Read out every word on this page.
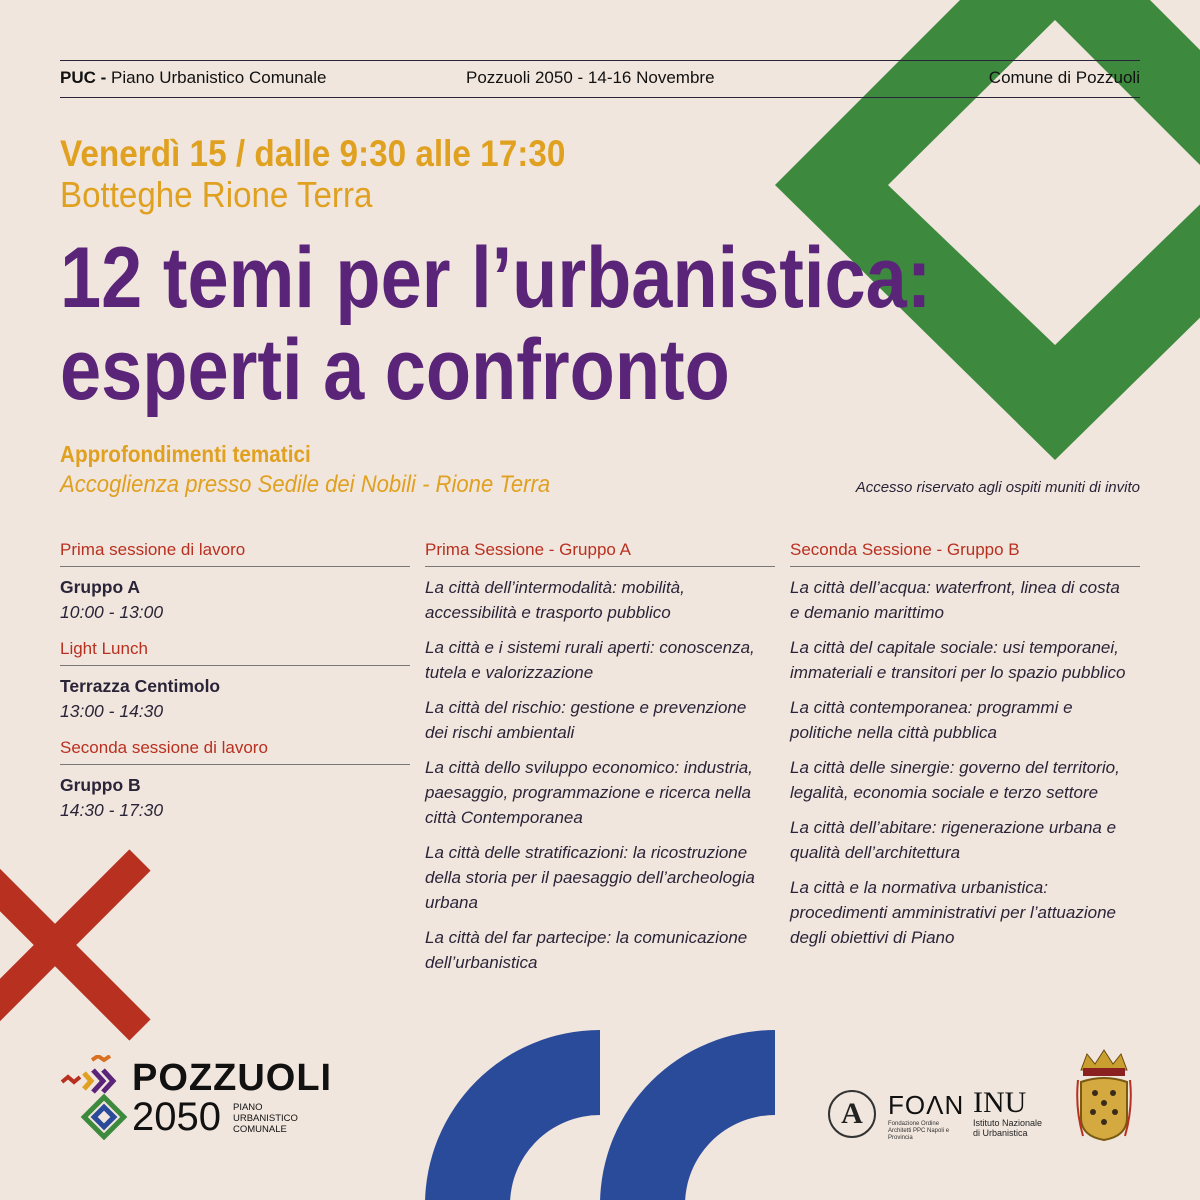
PUC - Piano Urbanistico Comunale	Pozzuoli 2050 - 14-16 Novembre	Comune di Pozzuoli
Venerdì 15 / dalle 9:30 alle 17:30
Botteghe Rione Terra
12 temi per l’urbanistica:
esperti a confronto
Approfondimenti tematici
Accoglienza presso Sedile dei Nobili - Rione Terra	Accesso riservato agli ospiti muniti di invito
Prima sessione di lavoro
Gruppo A
10:00 - 13:00
Light Lunch
Terrazza Centimolo
13:00 - 14:30
Seconda sessione di lavoro
Gruppo B
14:30 - 17:30
Prima Sessione - Gruppo A
La città dell’intermodalità: mobilità, accessibilità e trasporto pubblico
La città e i sistemi rurali aperti: conoscenza, tutela e valorizzazione
La città del rischio: gestione e prevenzione dei rischi ambientali
La città dello sviluppo economico: industria, paesaggio, programmazione e ricerca nella città Contemporanea
La città delle stratificazioni: la ricostruzione della storia per il paesaggio dell’archeologia urbana
La città del far partecipe: la comunicazione dell’urbanistica
Seconda Sessione - Gruppo B
La città dell’acqua: waterfront, linea di costa e demanio marittimo
La città del capitale sociale: usi temporanei, immateriali e transitori per lo spazio pubblico
La città contemporanea: programmi e politiche nella città pubblica
La città delle sinergie: governo del territorio, legalità, economia sociale e terzo settore
La città dell’abitare: rigenerazione urbana e qualità dell’architettura
La città e la normativa urbanistica: procedimenti amministrativi per l’attuazione degli obiettivi di Piano
POZZUOLI
2050 PIANO
URBANISTICO
COMUNALE	A FOΛN
Fondazione Ordine Architetti PPC Napoli e Provincia
INU
Istituto Nazionale
di Urbanistica
